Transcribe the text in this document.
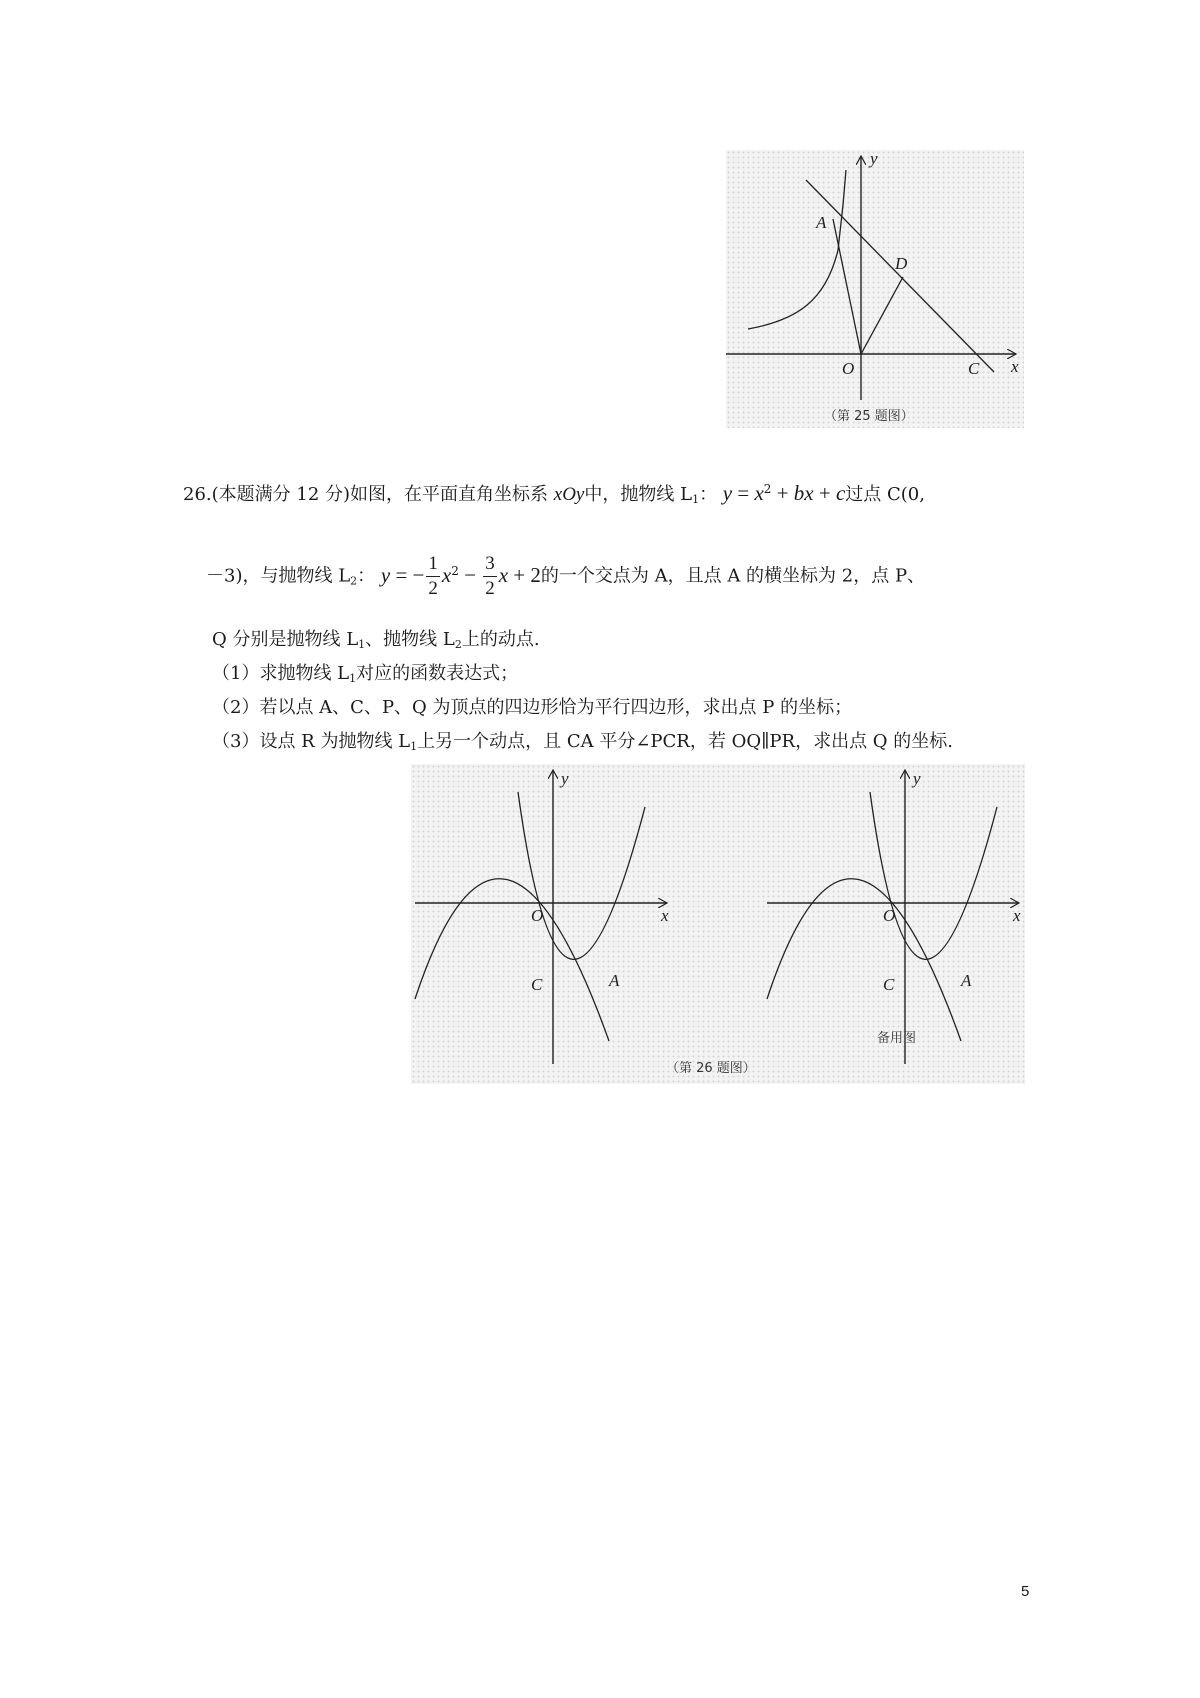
A
D
O	C x
y
（第 25 题图）
26.(本题满分 12 分)如图，在平面直角坐标系 xOy中，抛物线 $L_1$： $y = x^2$ + bx + c过点 C(0,
－3)，与抛物线 $L_2$： y = − $\frac{1}{2} x^2 - \frac{3}{2}$ x + 2的一个交点为 A，且点 A 的横坐标为 2，点 P、
Q 分别是抛物线 $L_1$、抛物线 $L_2$上的动点.
（1）求抛物线 $L_1$对应的函数表达式；
（2）若以点 A、C、P、Q 为顶点的四边形恰为平行四边形，求出点 P 的坐标；
（3）设点 R 为抛物线 $L_1$上另一个动点，且 CA 平分∠PCR，若 OQ∥PR，求出点 Q 的坐标.
O
C	A
x
y
O
C	A
x
y
备用图
（第 26 题图）
5
